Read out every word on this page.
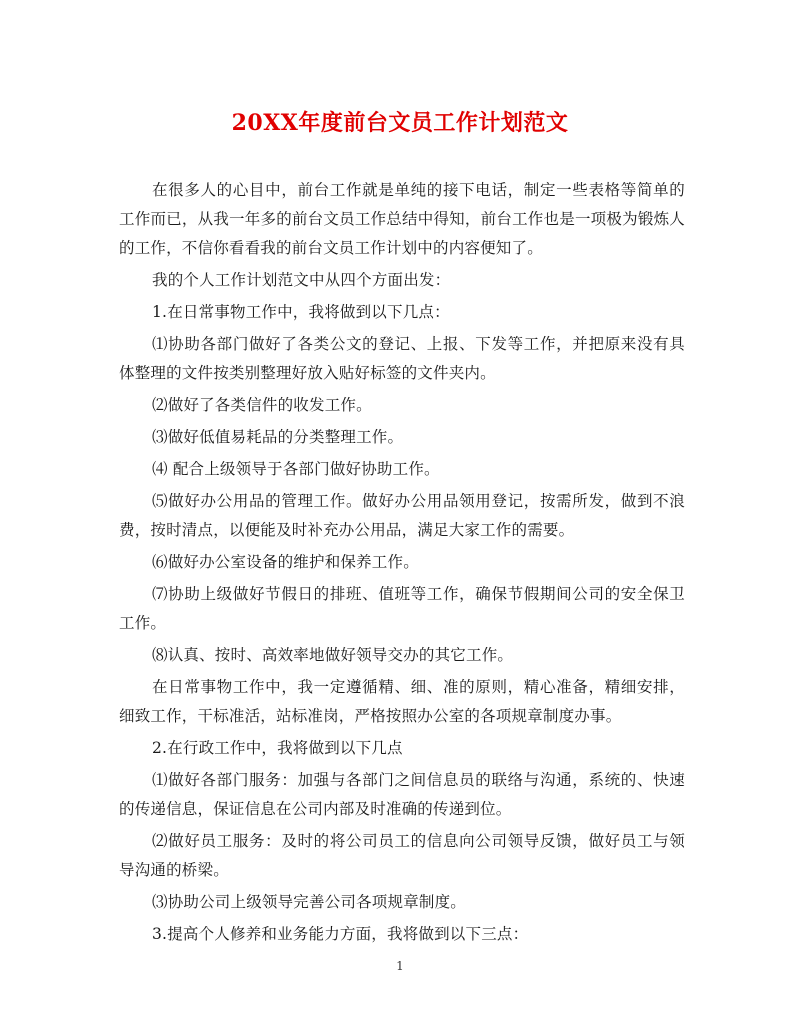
20XX年度前台文员工作计划范文

在很多人的心目中，前台工作就是单纯的接下电话，制定一些表格等简单的工作而已，从我一年多的前台文员工作总结中得知，前台工作也是一项极为锻炼人的工作，不信你看看我的前台文员工作计划中的内容便知了。

我的个人工作计划范文中从四个方面出发：

1.在日常事物工作中，我将做到以下几点：

⑴协助各部门做好了各类公文的登记、上报、下发等工作，并把原来没有具体整理的文件按类别整理好放入贴好标签的文件夹内。

⑵做好了各类信件的收发工作。

⑶做好低值易耗品的分类整理工作。

⑷ 配合上级领导于各部门做好协助工作。

⑸做好办公用品的管理工作。做好办公用品领用登记，按需所发，做到不浪费，按时清点，以便能及时补充办公用品，满足大家工作的需要。

⑹做好办公室设备的维护和保养工作。

⑺协助上级做好节假日的排班、值班等工作，确保节假期间公司的安全保卫工作。

⑻认真、按时、高效率地做好领导交办的其它工作。

在日常事物工作中，我一定遵循精、细、准的原则，精心准备，精细安排，细致工作，干标准活，站标准岗，严格按照办公室的各项规章制度办事。

2.在行政工作中，我将做到以下几点

⑴做好各部门服务：加强与各部门之间信息员的联络与沟通，系统的、快速的传递信息，保证信息在公司内部及时准确的传递到位。

⑵做好员工服务：及时的将公司员工的信息向公司领导反馈，做好员工与领导沟通的桥梁。

⑶协助公司上级领导完善公司各项规章制度。

3.提高个人修养和业务能力方面，我将做到以下三点：

1
